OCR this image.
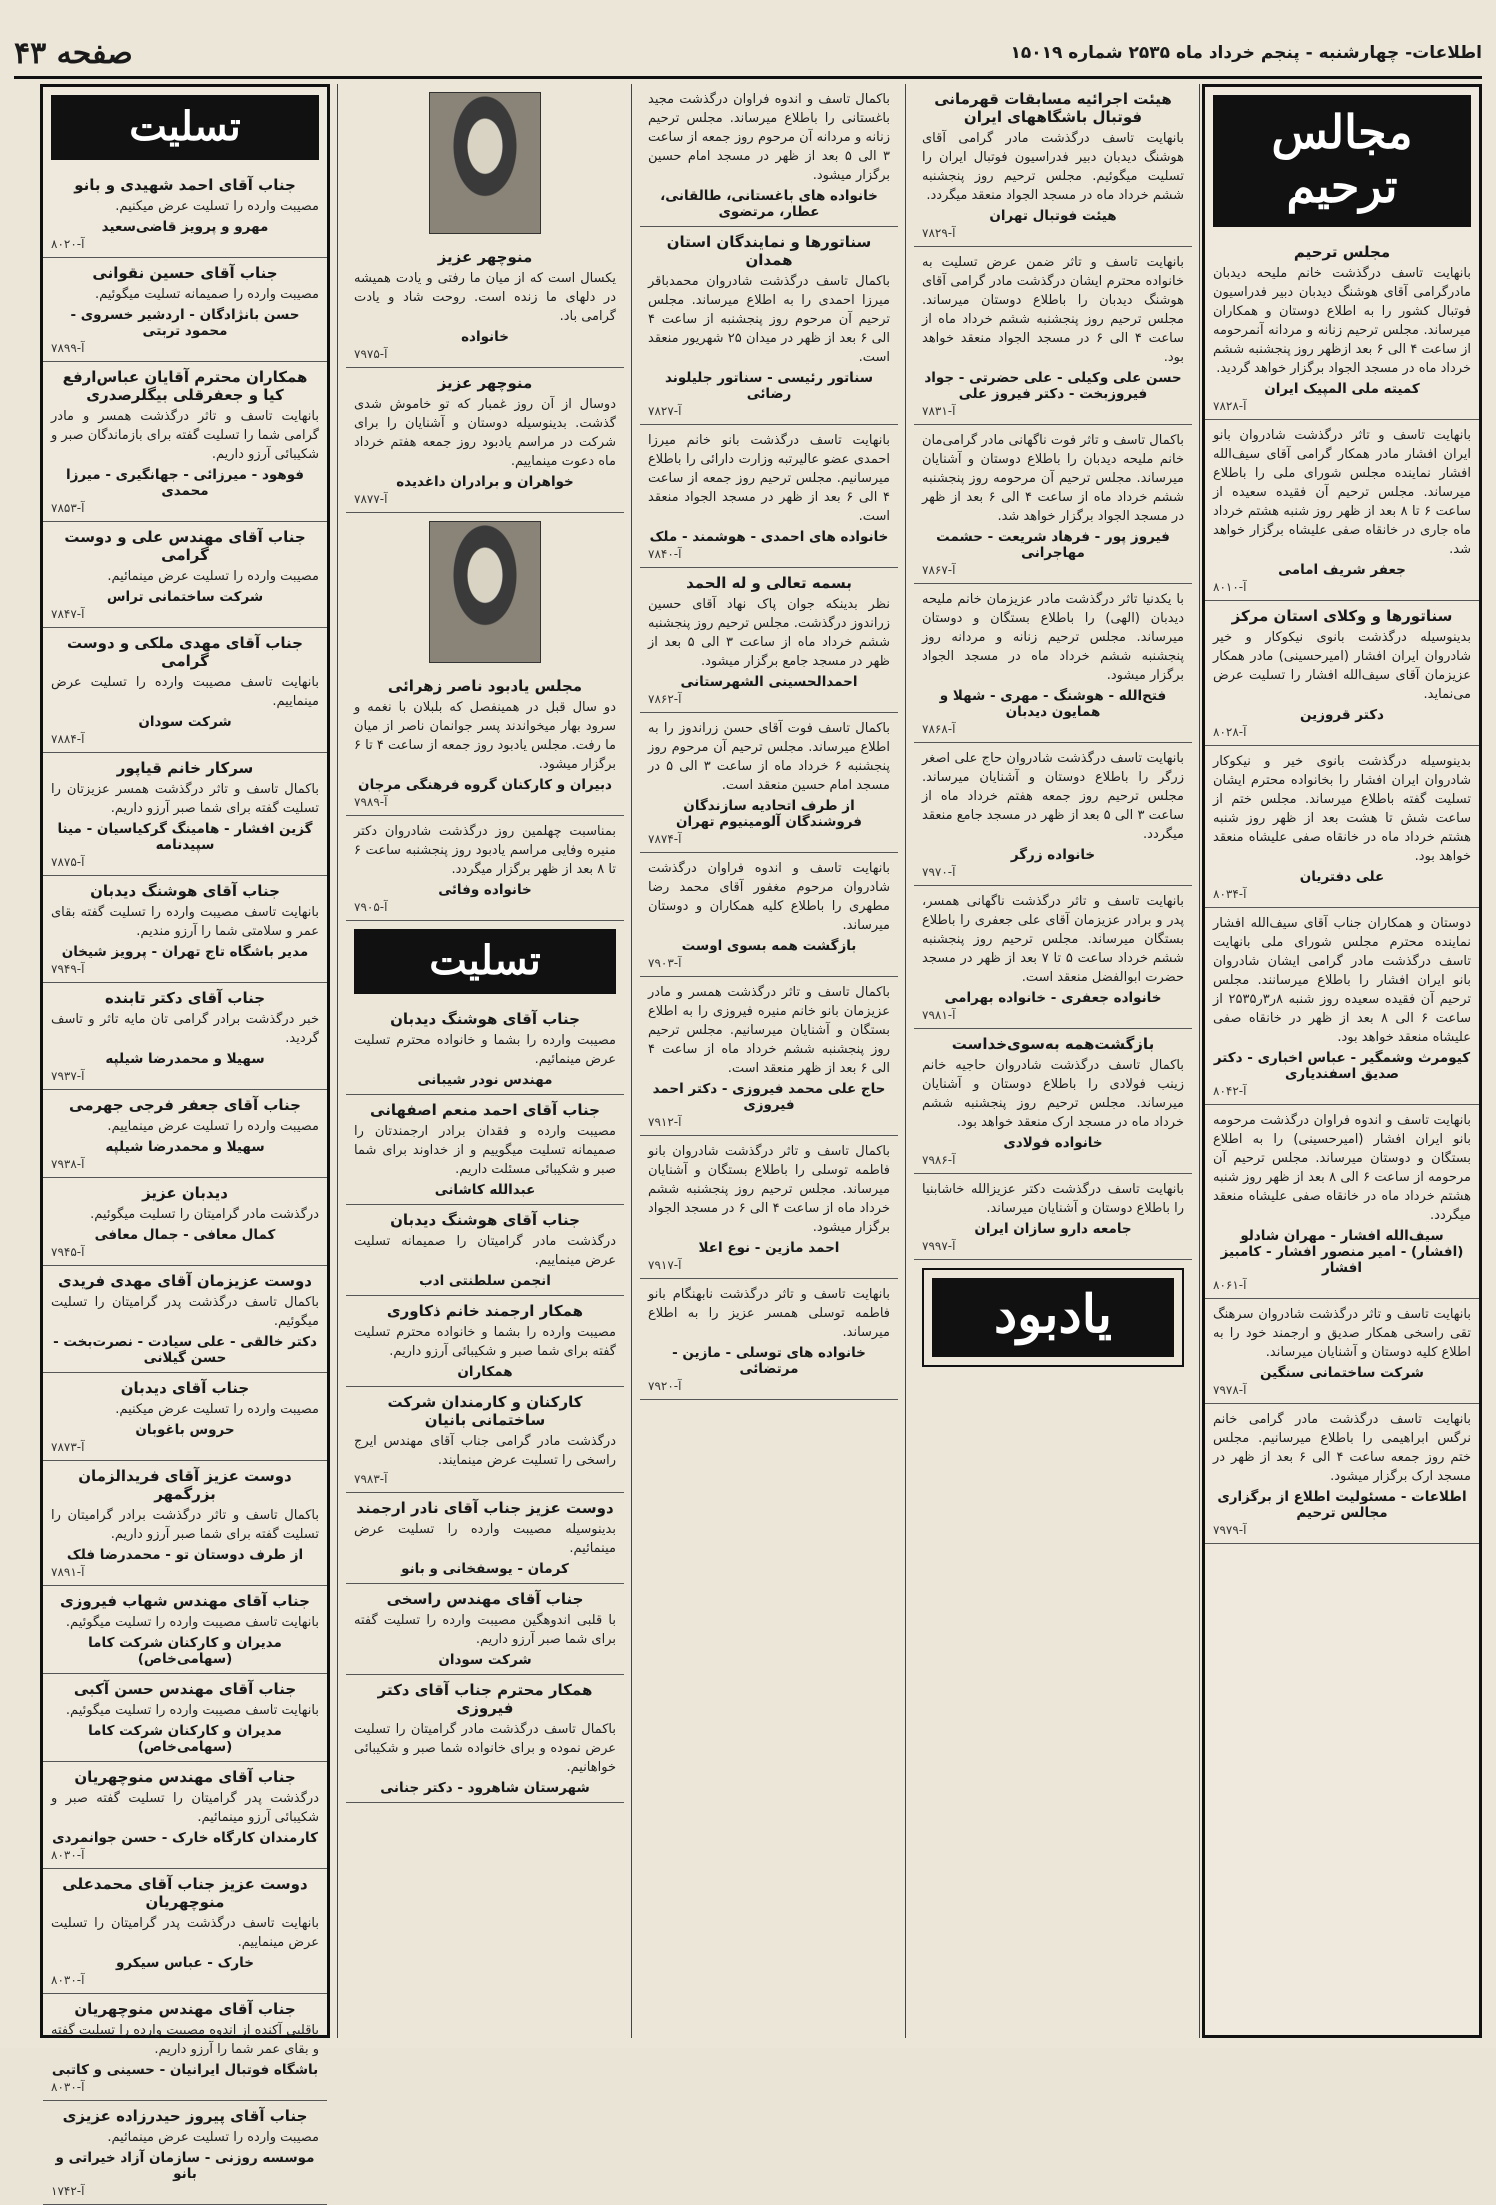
اطلاعات- چهارشنبه - پنجم خرداد ماه ۲۵۳۵ شماره ۱۵۰۱۹
صفحه ۴۳
مجالس ترحیم
مجلس ترحیم
بانهایت تاسف درگذشت خانم ملیحه دیدبان مادرگرامی آقای هوشنگ دیدبان دبیر فدراسیون فوتبال کشور را به اطلاع دوستان و همکاران میرساند. مجلس ترحیم زنانه و مردانه آنمرحومه از ساعت ۴ الی ۶ بعد ازظهر روز پنجشنبه ششم خرداد ماه در مسجد الجواد برگزار خواهد گردید.
کمیته ملی المپیک ایران
۷۸۲۸-آ
بانهایت تاسف و تاثر درگذشت شادروان بانو ایران افشار مادر همکار گرامی آقای سیف‌الله افشار نماینده مجلس شورای ملی را باطلاع میرساند. مجلس ترحیم آن فقیده سعیده از ساعت ۶ تا ۸ بعد از ظهر روز شنبه هشتم خرداد ماه جاری در خانقاه صفی علیشاه برگزار خواهد شد.
جعفر شریف امامی
۸۰۱۰-آ
سناتورها و وکلای استان مرکز
بدینوسیله درگذشت بانوی نیکوکار و خیر شادروان ایران افشار (امیرحسینی) مادر همکار عزیزمان آقای سیف‌الله افشار را تسلیت عرض می‌نماید.
دکتر قروزین
۸۰۲۸-آ
بدینوسیله درگذشت بانوی خیر و نیکوکار شادروان ایران افشار را بخانواده محترم ایشان تسلیت گفته باطلاع میرساند. مجلس ختم از ساعت شش تا هشت بعد از ظهر روز شنبه هشتم خرداد ماه در خانقاه صفی علیشاه منعقد خواهد بود.
علی دفتریان
۸۰۳۴-آ
دوستان و همکاران جناب آقای سیف‌الله افشار نماینده محترم مجلس شورای ملی بانهایت تاسف درگذشت مادر گرامی ایشان شادروان بانو ایران افشار را باطلاع میرسانند. مجلس ترحیم آن فقیده سعیده روز شنبه ۸ر۳ر۲۵۳۵ از ساعت ۶ الی ۸ بعد از ظهر در خانقاه صفی علیشاه منعقد خواهد بود.
کیومرث وشمگیر - عباس اخباری - دکتر صدیق اسفندیاری
۸۰۴۲-آ
بانهایت تاسف و اندوه فراوان درگذشت مرحومه بانو ایران افشار (امیرحسینی) را به اطلاع بستگان و دوستان میرساند. مجلس ترحیم آن مرحومه از ساعت ۶ الی ۸ بعد از ظهر روز شنبه هشتم خرداد ماه در خانقاه صفی علیشاه منعقد میگردد.
سیف‌الله افشار - مهران شادلو (افشار) - امیر منصور افشار - کامبیز افشار
۸۰۶۱-آ
بانهایت تاسف و تاثر درگذشت شادروان سرهنگ تقی راسخی همکار صدیق و ارجمند خود را به اطلاع کلیه دوستان و آشنایان میرساند.
شرکت ساختمانی سنگین
۷۹۷۸-آ
بانهایت تاسف درگذشت مادر گرامی خانم نرگس ابراهیمی را باطلاع میرسانیم. مجلس ختم روز جمعه ساعت ۴ الی ۶ بعد از ظهر در مسجد ارک برگزار میشود.
اطلاعات - مسئولیت اطلاع از برگزاری مجالس ترحیم
۷۹۷۹-آ
هیئت اجرائیه مسابقات قهرمانی فوتبال باشگاههای ایران
بانهایت تاسف درگذشت مادر گرامی آقای هوشنگ دیدبان دبیر فدراسیون فوتبال ایران را تسلیت میگوئیم. مجلس ترحیم روز پنجشنبه ششم خرداد ماه در مسجد الجواد منعقد میگردد.
هیئت فوتبال تهران
۷۸۲۹-آ
بانهایت تاسف و تاثر ضمن عرض تسلیت به خانواده محترم ایشان درگذشت مادر گرامی آقای هوشنگ دیدبان را باطلاع دوستان میرساند. مجلس ترحیم روز پنجشنبه ششم خرداد ماه از ساعت ۴ الی ۶ در مسجد الجواد منعقد خواهد بود.
حسن علی وکیلی - علی حضرتی - جواد فیروزبخت - دکتر فیروز علی
۷۸۳۱-آ
باکمال تاسف و تاثر فوت ناگهانی مادر گرامی‌مان خانم ملیحه دیدبان را باطلاع دوستان و آشنایان میرساند. مجلس ترحیم آن مرحومه روز پنجشنبه ششم خرداد ماه از ساعت ۴ الی ۶ بعد از ظهر در مسجد الجواد برگزار خواهد شد.
فیروز پور - فرهاد شریعت - حشمت مهاجرانی
۷۸۶۷-آ
با یکدنیا تاثر درگذشت مادر عزیزمان خانم ملیحه دیدبان (الهی) را باطلاع بستگان و دوستان میرساند. مجلس ترحیم زنانه و مردانه روز پنجشنبه ششم خرداد ماه در مسجد الجواد برگزار میشود.
فتح‌الله - هوشنگ - مهری - شهلا و همایون دیدبان
۷۸۶۸-آ
بانهایت تاسف درگذشت شادروان حاج علی اصغر زرگر را باطلاع دوستان و آشنایان میرساند. مجلس ترحیم روز جمعه هفتم خرداد ماه از ساعت ۳ الی ۵ بعد از ظهر در مسجد جامع منعقد میگردد.
خانواده زرگر
۷۹۷۰-آ
بانهایت تاسف و تاثر درگذشت ناگهانی همسر، پدر و برادر عزیزمان آقای علی جعفری را باطلاع بستگان میرساند. مجلس ترحیم روز پنجشنبه ششم خرداد ساعت ۵ تا ۷ بعد از ظهر در مسجد حضرت ابوالفضل منعقد است.
خانواده جعفری - خانواده بهرامی
۷۹۸۱-آ
بازگشت‌همه به‌سوی‌خداست
باکمال تاسف درگذشت شادروان حاجیه خانم زینب فولادی را باطلاع دوستان و آشنایان میرساند. مجلس ترحیم روز پنجشنبه ششم خرداد ماه در مسجد ارک منعقد خواهد بود.
خانواده فولادی
۷۹۸۶-آ
بانهایت تاسف درگذشت دکتر عزیزالله خاشابنیا را باطلاع دوستان و آشنایان میرساند.
جامعه دارو سازان ایران
۷۹۹۷-آ
یادبود
باکمال تاسف و اندوه فراوان درگذشت مجید باغستانی را باطلاع میرساند. مجلس ترحیم زنانه و مردانه آن مرحوم روز جمعه از ساعت ۳ الی ۵ بعد از ظهر در مسجد امام حسین برگزار میشود.
خانواده های باغستانی، طالقانی، عطار، مرتضوی
سناتورها و نمایندگان استان همدان
باکمال تاسف درگذشت شادروان محمدباقر میرزا احمدی را به اطلاع میرساند. مجلس ترحیم آن مرحوم روز پنجشنبه از ساعت ۴ الی ۶ بعد از ظهر در میدان ۲۵ شهریور منعقد است.
سناتور رئیسی - سناتور جلیلوند رضائی
۷۸۲۷-آ
بانهایت تاسف درگذشت بانو خانم میرزا احمدی عضو عالیرتبه وزارت دارائی را باطلاع میرسانیم. مجلس ترحیم روز جمعه از ساعت ۴ الی ۶ بعد از ظهر در مسجد الجواد منعقد است.
خانواده های احمدی - هوشمند - ملک
۷۸۴۰-آ
بسمه تعالی و له الحمد
نظر بدینکه جوان پاک نهاد آقای حسین زراندوز درگذشت. مجلس ترحیم روز پنجشنبه ششم خرداد ماه از ساعت ۳ الی ۵ بعد از ظهر در مسجد جامع برگزار میشود.
احمدالحسینی الشهرستانی
۷۸۶۲-آ
باکمال تاسف فوت آقای حسن زراندوز را به اطلاع میرساند. مجلس ترحیم آن مرحوم روز پنجشنبه ۶ خرداد ماه از ساعت ۳ الی ۵ در مسجد امام حسین منعقد است.
از طرف اتحادیه سازندگان فروشندگان آلومینیوم تهران
۷۸۷۴-آ
بانهایت تاسف و اندوه فراوان درگذشت شادروان مرحوم مغفور آقای محمد رضا مطهری را باطلاع کلیه همکاران و دوستان میرساند.
بازگشت همه بسوی اوست
۷۹۰۳-آ
باکمال تاسف و تاثر درگذشت همسر و مادر عزیزمان بانو خانم منیره فیروزی را به اطلاع بستگان و آشنایان میرسانیم. مجلس ترحیم روز پنجشنبه ششم خرداد ماه از ساعت ۴ الی ۶ بعد از ظهر منعقد است.
حاج علی محمد فیروزی - دکتر احمد فیروزی
۷۹۱۲-آ
باکمال تاسف و تاثر درگذشت شادروان بانو فاطمه توسلی را باطلاع بستگان و آشنایان میرساند. مجلس ترحیم روز پنجشنبه ششم خرداد ماه از ساعت ۴ الی ۶ در مسجد الجواد برگزار میشود.
احمد مازین - نوع اعلا
۷۹۱۷-آ
بانهایت تاسف و تاثر درگذشت نابهنگام بانو فاطمه توسلی همسر عزیز را به اطلاع میرساند.
خانواده های توسلی - مازین - مرتضائی
۷۹۲۰-آ
منوچهر عزیز
یکسال است که از میان ما رفتی و یادت همیشه در دلهای ما زنده است. روحت شاد و یادت گرامی باد.
خانواده
۷۹۷۵-آ
منوچهر عزیز
دوسال از آن روز غمبار که تو خاموش شدی گذشت. بدینوسیله دوستان و آشنایان را برای شرکت در مراسم یادبود روز جمعه هفتم خرداد ماه دعوت مینماییم.
خواهران و برادران داغدیده
۷۸۷۷-آ
مجلس یادبود ناصر زهرائی
دو سال قبل در همینفصل که بلبلان با نغمه و سرود بهار میخواندند پسر جوانمان ناصر از میان ما رفت. مجلس یادبود روز جمعه از ساعت ۴ تا ۶ برگزار میشود.
دبیران و کارکنان گروه فرهنگی مرجان
۷۹۸۹-آ
بمناسبت چهلمین روز درگذشت شادروان دکتر منیره وفایی مراسم یادبود روز پنجشنبه ساعت ۶ تا ۸ بعد از ظهر برگزار میگردد.
خانواده وفائی
۷۹۰۵-آ
تسلیت
جناب آقای هوشنگ دیدبان
مصیبت وارده را بشما و خانواده محترم تسلیت عرض مینمائیم.
مهندس نودر شیبانی
جناب آقای احمد منعم اصفهانی
مصیبت وارده و فقدان برادر ارجمندتان را صمیمانه تسلیت میگوییم و از خداوند برای شما صبر و شکیبائی مسئلت داریم.
عبدالله کاشانی
جناب آقای هوشنگ دیدبان
درگذشت مادر گرامیتان را صمیمانه تسلیت عرض مینماییم.
انجمن سلطنتی ادب
همکار ارجمند خانم ذکاوری
مصیبت وارده را بشما و خانواده محترم تسلیت گفته برای شما صبر و شکیبائی آرزو داریم.
همکاران
کارکنان و کارمندان شرکت ساختمانی بانیان
درگذشت مادر گرامی جناب آقای مهندس ایرج راسخی را تسلیت عرض مینمایند.
۷۹۸۳-آ
دوست عزیز جناب آقای نادر ارجمند
بدینوسیله مصیبت وارده را تسلیت عرض مینمائیم.
کرمان - یوسفخانی و بانو
جناب آقای مهندس راسخی
با قلبی اندوهگین مصیبت وارده را تسلیت گفته برای شما صبر آرزو داریم.
شرکت سودان
همکار محترم جناب آقای دکتر فیروزی
باکمال تاسف درگذشت مادر گرامیتان را تسلیت عرض نموده و برای خانواده شما صبر و شکیبائی خواهانیم.
شهرستان شاهرود - دکتر جنانی
تسلیت
جناب آقای احمد شهیدی و بانو
مصیبت وارده را تسلیت عرض میکنیم.
مهرو و پرویز قاضی‌سعید
۸۰۲۰-آ
جناب آقای حسین نقوانی
مصیبت وارده را صمیمانه تسلیت میگوئیم.
حسن بانژادگان - اردشیر خسروی - محمود تربتی
۷۸۹۹-آ
همکاران محترم آقایان عباس‌ارفع کیا و جعفرقلی بیگلرصدری
بانهایت تاسف و تاثر درگذشت همسر و مادر گرامی شما را تسلیت گفته برای بازماندگان صبر و شکیبائی آرزو داریم.
فوهود - میرزائی - جهانگیری - میرزا محمدی
۷۸۵۳-آ
جناب آقای مهندس علی و دوست گرامی
مصیبت وارده را تسلیت عرض مینمائیم.
شرکت ساختمانی تراس
۷۸۴۷-آ
جناب آقای مهدی ملکی و دوست گرامی
بانهایت تاسف مصیبت وارده را تسلیت عرض مینماییم.
شرکت سودان
۷۸۸۴-آ
سرکار خانم قیاپور
باکمال تاسف و تاثر درگذشت همسر عزیزتان را تسلیت گفته برای شما صبر آرزو داریم.
گزین افشار - هامینگ گرکیاسیان - مینا سپیدنامه
۷۸۷۵-آ
جناب آقای هوشنگ دیدبان
بانهایت تاسف مصیبت وارده را تسلیت گفته بقای عمر و سلامتی شما را آرزو مندیم.
مدیر باشگاه تاج تهران - پرویز شیخان
۷۹۴۹-آ
جناب آقای دکتر تابنده
خبر درگذشت برادر گرامی تان مایه تاثر و تاسف گردید.
سهیلا و محمدرضا شیلپه
۷۹۳۷-آ
جناب آقای جعفر فرجی جهرمی
مصیبت وارده را تسلیت عرض مینماییم.
سهیلا و محمدرضا شیلپه
۷۹۳۸-آ
دیدبان عزیز
درگذشت مادر گرامیتان را تسلیت میگوئیم.
کمال معافی - جمال معافی
۷۹۴۵-آ
دوست عزیزمان آقای مهدی فریدی
باکمال تاسف درگذشت پدر گرامیتان را تسلیت میگوئیم.
دکتر خالقی - علی سیادت - نصرت‌بخت - حسن گیلانی
جناب آقای دیدبان
مصیبت وارده را تسلیت عرض میکنیم.
حروس باغوبان
۷۸۷۳-آ
دوست عزیز آقای فریدالزمان بزرگمهر
باکمال تاسف و تاثر درگذشت برادر گرامیتان را تسلیت گفته برای شما صبر آرزو داریم.
از طرف دوستان تو - محمدرضا فلک
۷۸۹۱-آ
جناب آقای مهندس شهاب فیروزی
بانهایت تاسف مصیبت وارده را تسلیت میگوئیم.
مدیران و کارکنان شرکت کاما (سهامی‌خاص)
جناب آقای مهندس حسن آکبی
بانهایت تاسف مصیبت وارده را تسلیت میگوئیم.
مدیران و کارکنان شرکت کاما (سهامی‌خاص)
جناب آقای مهندس منوچهریان
درگذشت پدر گرامیتان را تسلیت گفته صبر و شکیبائی آرزو مینمائیم.
کارمندان کارگاه خارک - حسن جوانمردی
۸۰۳۰-آ
دوست عزیز جناب آقای محمدعلی منوچهریان
بانهایت تاسف درگذشت پدر گرامیتان را تسلیت عرض مینماییم.
خارک - عباس سیکرو
۸۰۳۰-آ
جناب آقای مهندس منوچهریان
باقلبی آکنده از اندوه مصیبت وارده را تسلیت گفته و بقای عمر شما را آرزو داریم.
باشگاه فوتبال ایرانیان - حسینی و کاتبی
۸۰۳۰-آ
جناب آقای پیروز حیدرزاده عزیزی
مصیبت وارده را تسلیت عرض مینمائیم.
موسسه روزنی - سازمان آزاد خیراتی و بانو
۱۷۴۲-آ
